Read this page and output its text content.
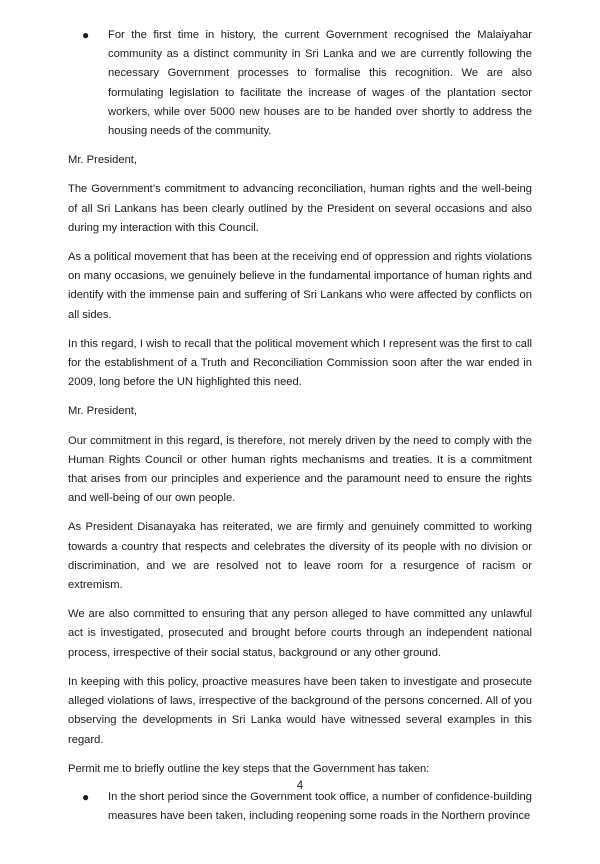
● For the first time in history, the current Government recognised the Malaiyahar community as a distinct community in Sri Lanka and we are currently following the necessary Government processes to formalise this recognition. We are also formulating legislation to facilitate the increase of wages of the plantation sector workers, while over 5000 new houses are to be handed over shortly to address the housing needs of the community.

Mr. President,

The Government’s commitment to advancing reconciliation, human rights and the well-being of all Sri Lankans has been clearly outlined by the President on several occasions and also during my interaction with this Council.

As a political movement that has been at the receiving end of oppression and rights violations on many occasions, we genuinely believe in the fundamental importance of human rights and identify with the immense pain and suffering of Sri Lankans who were affected by conflicts on all sides.

In this regard, I wish to recall that the political movement which I represent was the first to call for the establishment of a Truth and Reconciliation Commission soon after the war ended in 2009, long before the UN highlighted this need.

Mr. President,

Our commitment in this regard, is therefore, not merely driven by the need to comply with the Human Rights Council or other human rights mechanisms and treaties. It is a commitment that arises from our principles and experience and the paramount need to ensure the rights and well-being of our own people.

As President Disanayaka has reiterated, we are firmly and genuinely committed to working towards a country that respects and celebrates the diversity of its people with no division or discrimination, and we are resolved not to leave room for a resurgence of racism or extremism.

We are also committed to ensuring that any person alleged to have committed any unlawful act is investigated, prosecuted and brought before courts through an independent national process, irrespective of their social status, background or any other ground.

In keeping with this policy, proactive measures have been taken to investigate and prosecute alleged violations of laws, irrespective of the background of the persons concerned. All of you observing the developments in Sri Lanka would have witnessed several examples in this regard.

Permit me to briefly outline the key steps that the Government has taken:

● In the short period since the Government took office, a number of confidence-building measures have been taken, including reopening some roads in the Northern province
4
